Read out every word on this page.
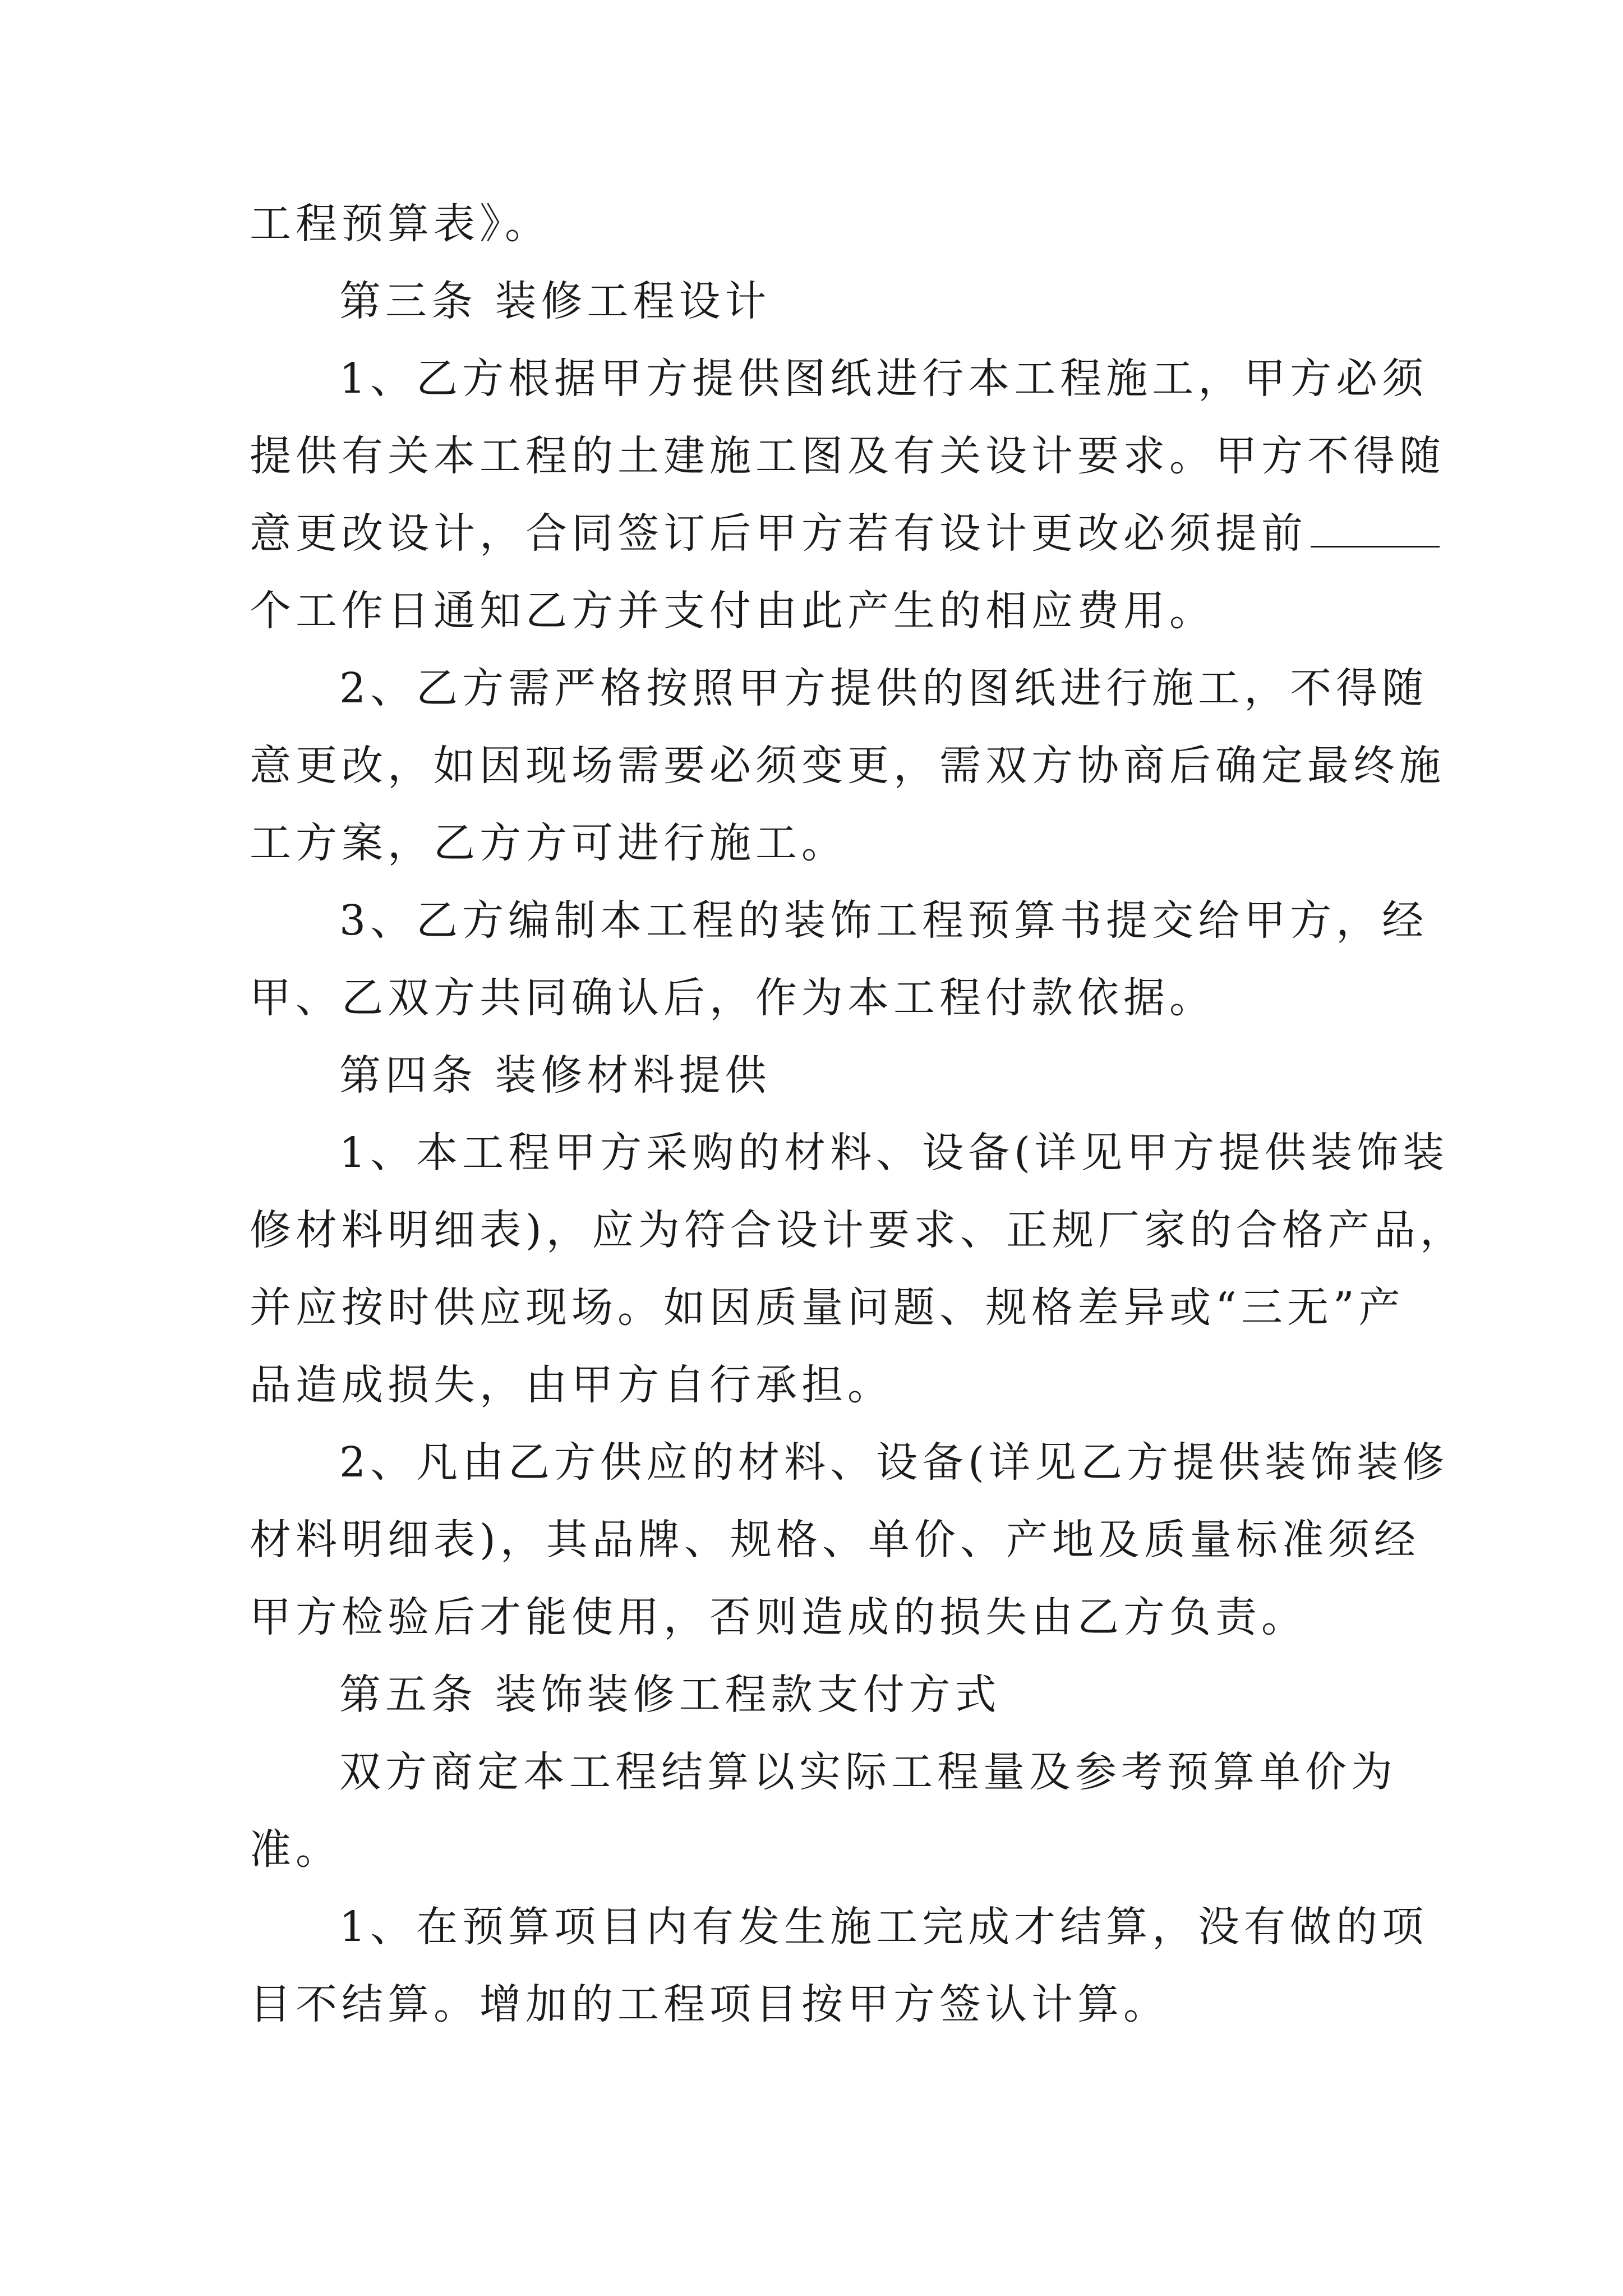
工程预算表》。
第三条 装修工程设计
1、乙方根据甲方提供图纸进行本工程施工，甲方必须
提供有关本工程的土建施工图及有关设计要求。甲方不得随
意更改设计，合同签订后甲方若有设计更改必须提前
个工作日通知乙方并支付由此产生的相应费用。
2、乙方需严格按照甲方提供的图纸进行施工，不得随
意更改，如因现场需要必须变更，需双方协商后确定最终施
工方案，乙方方可进行施工。
3、乙方编制本工程的装饰工程预算书提交给甲方，经
甲、乙双方共同确认后，作为本工程付款依据。
第四条 装修材料提供
1、本工程甲方采购的材料、设备(详见甲方提供装饰装
修材料明细表)，应为符合设计要求、正规厂家的合格产品，
并应按时供应现场。如因质量问题、规格差异或“三无”产
品造成损失，由甲方自行承担。
2、凡由乙方供应的材料、设备(详见乙方提供装饰装修
材料明细表)，其品牌、规格、单价、产地及质量标准须经
甲方检验后才能使用，否则造成的损失由乙方负责。
第五条 装饰装修工程款支付方式
双方商定本工程结算以实际工程量及参考预算单价为
准。
1、在预算项目内有发生施工完成才结算，没有做的项
目不结算。增加的工程项目按甲方签认计算。
